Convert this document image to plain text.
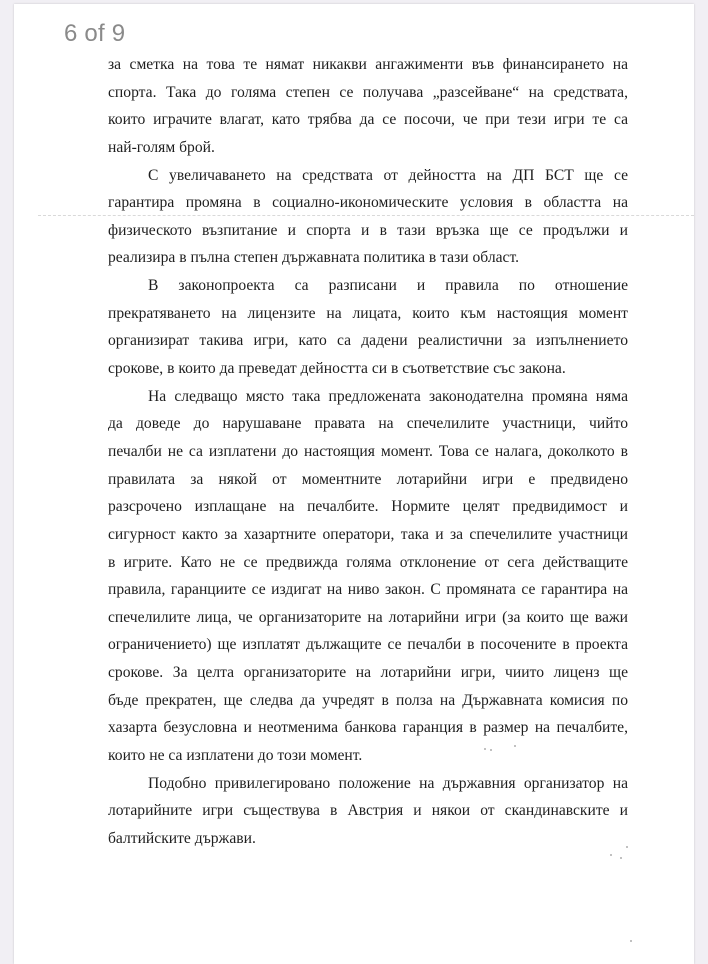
за сметка на това те нямат никакви ангажименти във финансирането на
спорта. Така до голяма степен се получава „разсейване“ на средствата,
които играчите влагат, като трябва да се посочи, че при тези игри те са
най-голям брой.
С увеличаването на средствата от дейността на ДП БСТ ще се
гарантира промяна в социално-икономическите условия в областта на
физическото възпитание и спорта и в тази връзка ще се продължи и
реализира в пълна степен държавната политика в тази област.
В законопроекта са разписани и правила по отношение
прекратяването на лицензите на лицата, които към настоящия момент
организират такива игри, като са дадени реалистични за изпълнението
срокове, в които да преведат дейността си в съответствие със закона.
На следващо място така предложената законодателна промяна няма
да доведе до нарушаване правата на спечелилите участници, чийто
печалби не са изплатени до настоящия момент. Това се налага, доколкото в
правилата за някой от моментните лотарийни игри е предвидено
разсрочено изплащане на печалбите. Нормите целят предвидимост и
сигурност както за хазартните оператори, така и за спечелилите участници
в игрите. Като не се предвижда голяма отклонение от сега действащите
правила, гаранциите се издигат на ниво закон. С промяната се гарантира на
спечелилите лица, че организаторите на лотарийни игри (за които ще важи
ограничението) ще изплатят дължащите се печалби в посочените в проекта
срокове. За целта организаторите на лотарийни игри, чиито лиценз ще
бъде прекратен, ще следва да учредят в полза на Държавната комисия по
хазарта безусловна и неотменима банкова гаранция в размер на печалбите,
които не са изплатени до този момент.
Подобно привилегировано положение на държавния организатор на
лотарийните игри съществува в Австрия и някои от скандинавските и
балтийските държави.
6 of 9
